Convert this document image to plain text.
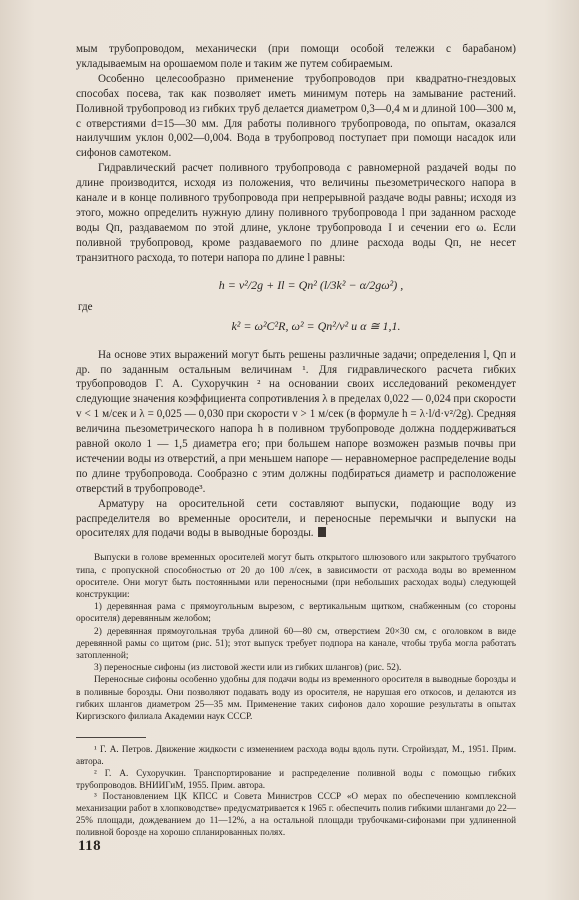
мым трубопроводом, механически (при помощи особой тележки с барабаном) укладываемым на орошаемом поле и таким же путем собираемым.

Особенно целесообразно применение трубопроводов при квадратно-гнездовых способах посева, так как позволяет иметь минимум потерь на замывание растений. Поливной трубопровод из гибких труб делается диаметром 0,3—0,4 м и длиной 100—300 м, с отверстиями d=15—30 мм. Для работы поливного трубопровода, по опытам, оказался наилучшим уклон 0,002—0,004. Вода в трубопровод поступает при помощи насадок или сифонов самотеком.

Гидравлический расчет поливного трубопровода с равномерной раздачей воды по длине производится, исходя из положения, что величины пьезометрического напора в канале и в конце поливного трубопровода при непрерывной раздаче воды равны; исходя из этого, можно определить нужную длину поливного трубопровода l при заданном расходе воды Qп, раздаваемом по этой длине, уклоне трубопровода I и сечении его ω. Если поливной трубопровод, кроме раздаваемого по длине расхода воды Qп, не несет транзитного расхода, то потери напора по длине l равны:

h = v²/2g + Il = Qп² (l/3k² − α/2gω²) ,
где
k² = ω²C²R, ω² = Qп²/v² и α ≅ 1,1.

На основе этих выражений могут быть решены различные задачи; определения l, Qп и др. по заданным остальным величинам ¹. Для гидравлического расчета гибких трубопроводов Г. А. Сухоручкин ² на основании своих исследований рекомендует следующие значения коэффициента сопротивления λ в пределах 0,022 — 0,024 при скорости v < 1 м/сек и λ = 0,025 — 0,030 при скорости v > 1 м/сек (в формуле h = λ·l/d·v²/2g). Средняя величина пьезометрического напора h в поливном трубопроводе должна поддерживаться равной около 1 — 1,5 диаметра его; при большем напоре возможен размыв почвы при истечении воды из отверстий, а при меньшем напоре — неравномерное распределение воды по длине трубопровода. Сообразно с этим должны подбираться диаметр и расположение отверстий в трубопроводе³.

Арматуру на оросительной сети составляют выпуски, подающие воду из распределителя во временные оросители, и переносные перемычки и выпуски на оросителях для подачи воды в выводные борозды.

Выпуски в голове временных оросителей могут быть открытого шлюзового или закрытого трубчатого типа, с пропускной способностью от 20 до 100 л/сек, в зависимости от расхода воды во временном оросителе. Они могут быть постоянными или переносными (при небольших расходах воды) следующей конструкции:

1) деревянная рама с прямоугольным вырезом, с вертикальным щитком, снабженным (со стороны оросителя) деревянным желобом;

2) деревянная прямоугольная труба длиной 60—80 см, отверстием 20×30 см, с оголовком в виде деревянной рамы со щитом (рис. 51); этот выпуск требует подпора на канале, чтобы труба могла работать затопленной;

3) переносные сифоны (из листовой жести или из гибких шлангов) (рис. 52).

Переносные сифоны особенно удобны для подачи воды из временного оросителя в выводные борозды и в поливные борозды. Они позволяют подавать воду из оросителя, не нарушая его откосов, и делаются из гибких шлангов диаметром 25—35 мм. Применение таких сифонов дало хорошие результаты в опытах Киргизского филиала Академии наук СССР.

¹ Г. А. Петров. Движение жидкости с изменением расхода воды вдоль пути. Стройиздат, М., 1951. Прим. автора.

² Г. А. Сухоручкин. Транспортирование и распределение поливной воды с помощью гибких трубопроводов. ВНИИГиМ, 1955. Прим. автора.

³ Постановлением ЦК КПСС и Совета Министров СССР «О мерах по обеспечению комплексной механизации работ в хлопководстве» предусматривается к 1965 г. обеспечить полив гибкими шлангами до 22—25% площади, дождеванием до 11—12%, а на остальной площади трубочками-сифонами при удлиненной поливной борозде на хорошо спланированных полях.

118
